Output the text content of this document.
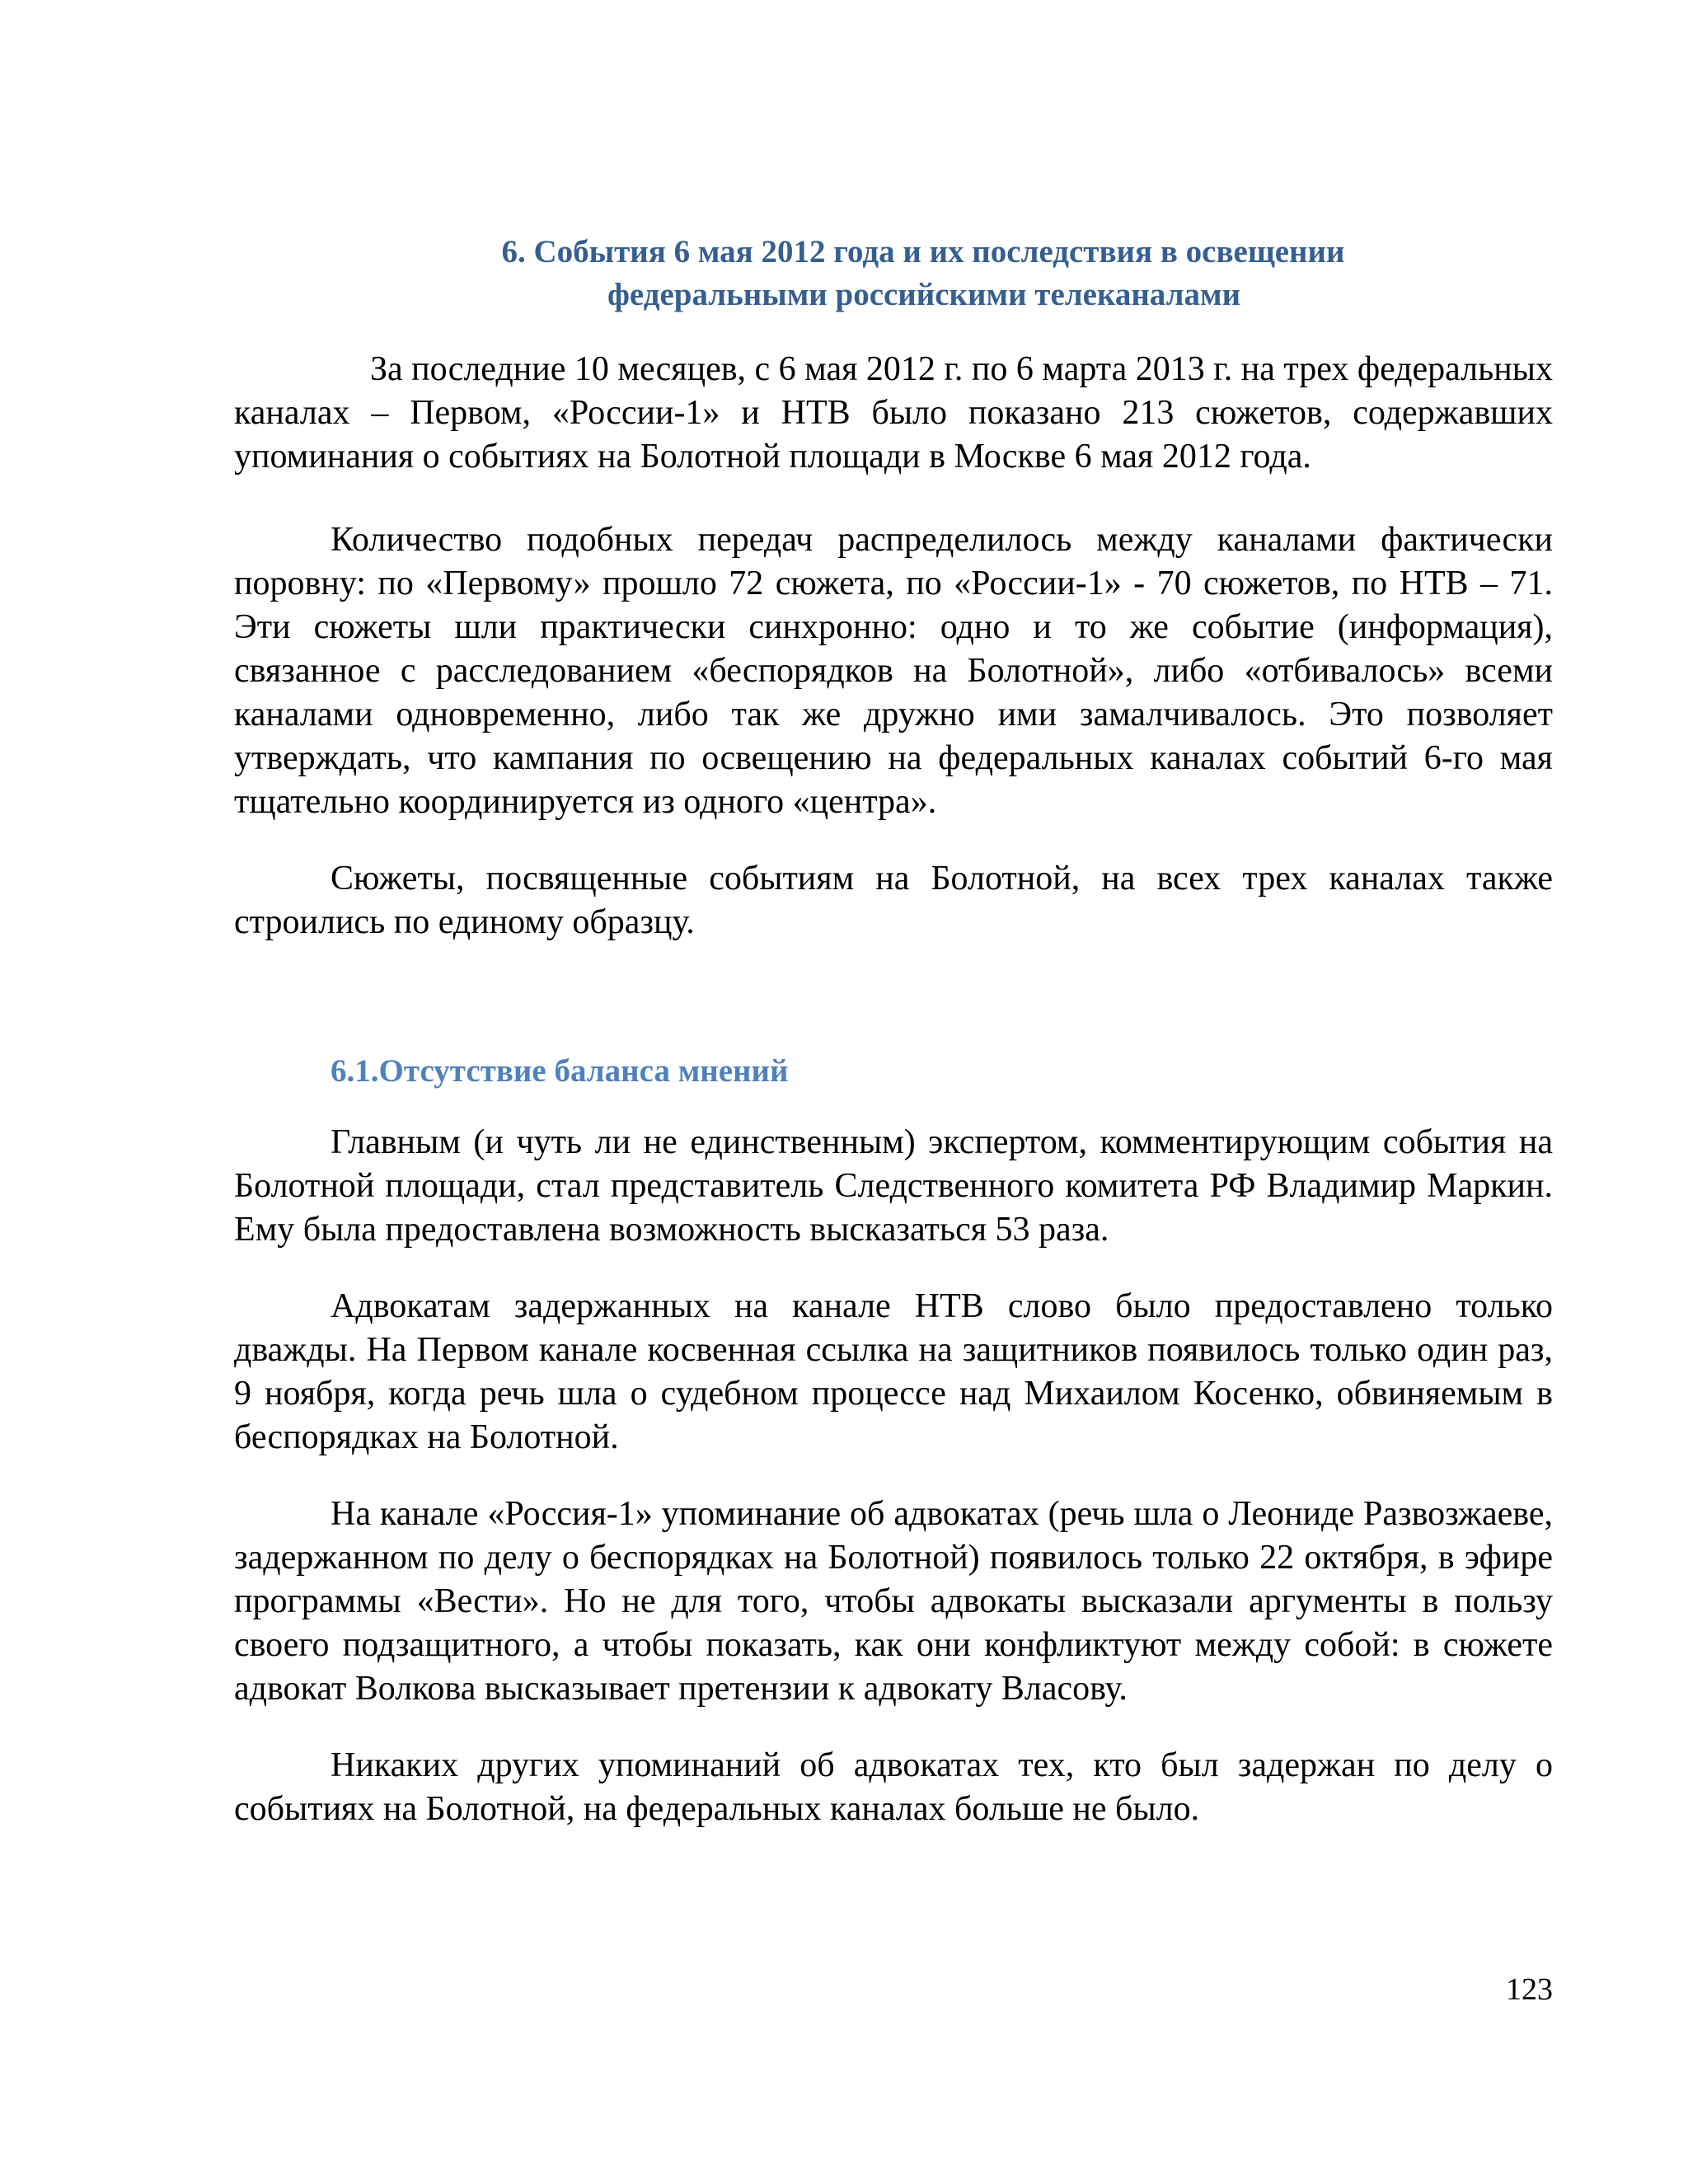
6. События 6 мая 2012 года и их последствия в освещении
федеральными российскими телеканалами

За последние 10 месяцев, с 6 мая 2012 г. по 6 марта 2013 г. на трех федеральных каналах – Первом, «России-1» и НТВ было показано 213 сюжетов, содержавших упоминания о событиях на Болотной площади в Москве 6 мая 2012 года.

Количество подобных передач распределилось между каналами фактически поровну: по «Первому» прошло 72 сюжета, по «России-1» - 70 сюжетов, по НТВ – 71. Эти сюжеты шли практически синхронно: одно и то же событие (информация), связанное с расследованием «беспорядков на Болотной», либо «отбивалось» всеми каналами одновременно, либо так же дружно ими замалчивалось. Это позволяет утверждать, что кампания по освещению на федеральных каналах событий 6-го мая тщательно координируется из одного «центра».

Сюжеты, посвященные событиям на Болотной, на всех трех каналах также строились по единому образцу.

6.1.Отсутствие баланса мнений

Главным (и чуть ли не единственным) экспертом, комментирующим события на Болотной площади, стал представитель Следственного комитета РФ Владимир Маркин. Ему была предоставлена возможность высказаться 53 раза.

Адвокатам задержанных на канале НТВ слово было предоставлено только дважды. На Первом канале косвенная ссылка на защитников появилось только один раз, 9 ноября, когда речь шла о судебном процессе над Михаилом Косенко, обвиняемым в беспорядках на Болотной.

На канале «Россия-1» упоминание об адвокатах (речь шла о Леониде Развозжаеве, задержанном по делу о беспорядках на Болотной) появилось только 22 октября, в эфире программы «Вести». Но не для того, чтобы адвокаты высказали аргументы в пользу своего подзащитного, а чтобы показать, как они конфликтуют между собой: в сюжете адвокат Волкова высказывает претензии к адвокату Власову.

Никаких других упоминаний об адвокатах тех, кто был задержан по делу о событиях на Болотной, на федеральных каналах больше не было.

123
